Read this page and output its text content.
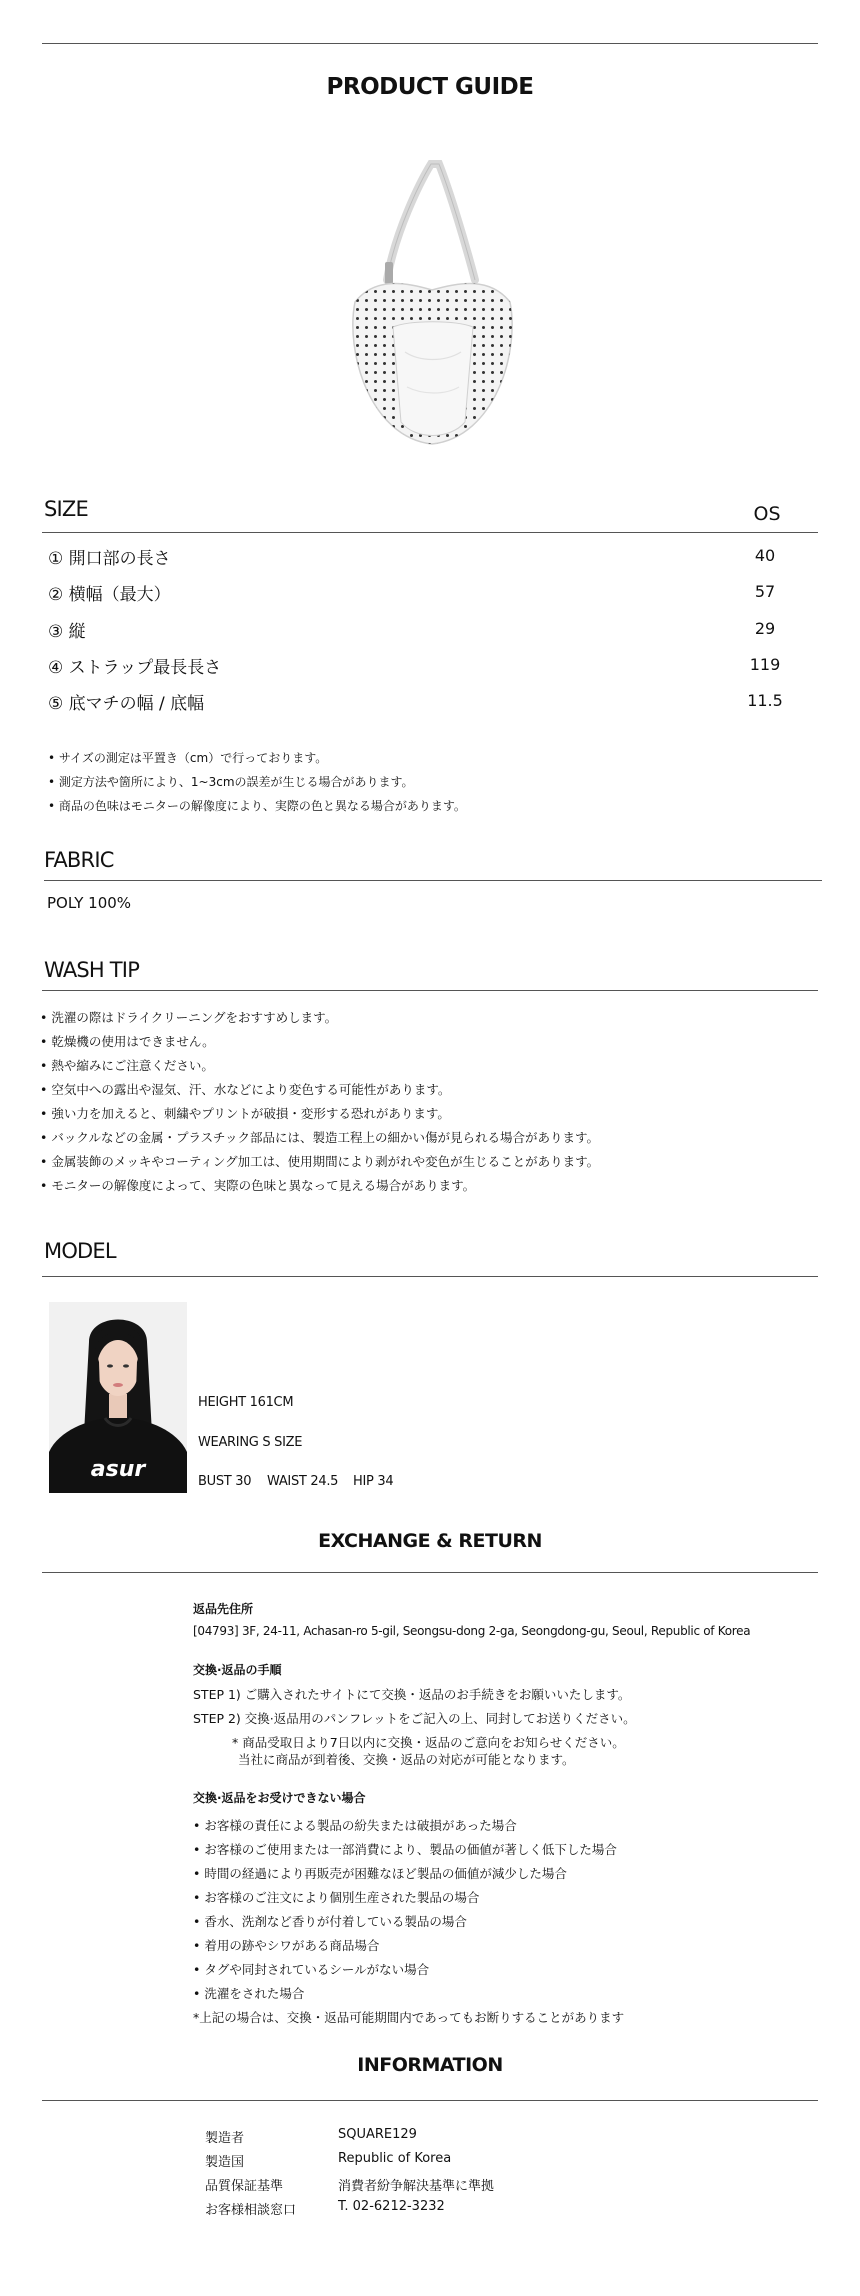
PRODUCT GUIDE
SIZE	OS
① 開口部の長さ	40
② 横幅（最大）	57
③ 縦	29
④ ストラップ最長長さ	119
⑤ 底マチの幅 / 底幅	11.5
• サイズの測定は平置き（cm）で行っております。
• 測定方法や箇所により、1~3cmの誤差が生じる場合があります。
• 商品の色味はモニターの解像度により、実際の色と異なる場合があります。
FABRIC
POLY 100%
WASH TIP
• 洗濯の際はドライクリーニングをおすすめします。
• 乾燥機の使用はできません。
• 熱や縮みにご注意ください。
• 空気中への露出や湿気、汗、水などにより変色する可能性があります。
• 強い力を加えると、刺繍やプリントが破損・変形する恐れがあります。
• バックルなどの金属・プラスチック部品には、製造工程上の細かい傷が見られる場合があります。
• 金属装飾のメッキやコーティング加工は、使用期間により剥がれや変色が生じることがあります。
• モニターの解像度によって、実際の色味と異なって見える場合があります。
MODEL
asur
HEIGHT 161CM
WEARING S SIZE
BUST 30 WAIST 24.5 HIP 34
EXCHANGE & RETURN
返品先住所
[04793] 3F, 24-11, Achasan-ro 5-gil, Seongsu-dong 2-ga, Seongdong-gu, Seoul, Republic of Korea
交換·返品の手順
STEP 1) ご購入されたサイトにて交換・返品のお手続きをお願いいたします。
STEP 2) 交換·返品用のパンフレットをご記入の上、同封してお送りください。
* 商品受取日より7日以内に交換・返品のご意向をお知らせください。
当社に商品が到着後、交換・返品の対応が可能となります。
交換·返品をお受けできない場合
• お客様の責任による製品の紛失または破損があった場合
• お客様のご使用または一部消費により、製品の価値が著しく低下した場合
• 時間の経過により再販売が困難なほど製品の価値が減少した場合
• お客様のご注文により個別生産された製品の場合
• 香水、洗剤など香りが付着している製品の場合
• 着用の跡やシワがある商品場合
• タグや同封されているシールがない場合
• 洗濯をされた場合
*上記の場合は、交換・返品可能期間内であってもお断りすることがあります
INFORMATION
製造者	SQUARE129
製造国	Republic of Korea
品質保証基準	消費者紛争解決基準に準拠
お客様相談窓口	T. 02-6212-3232
